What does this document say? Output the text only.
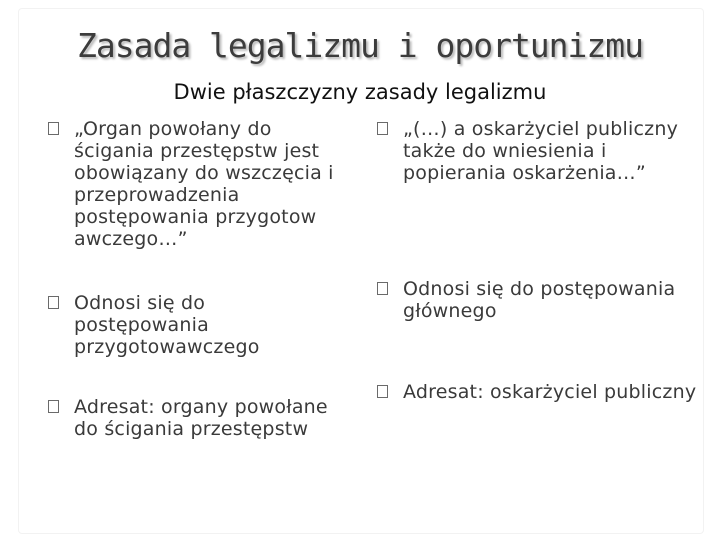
Zasada legalizmu i oportunizmu
Dwie płaszczyzny zasady legalizmu
„Organ powołany do ścigania przestępstw jest obowiązany do wszczęcia i przeprowadzenia postępowania przygotow awczego…”
Odnosi się do postępowania przygotowawczego
Adresat: organy powołane do ścigania przestępstw
„(…) a oskarżyciel publiczny także do wniesienia i popierania oskarżenia…”
Odnosi się do postępowania głównego
Adresat: oskarżyciel publiczny
